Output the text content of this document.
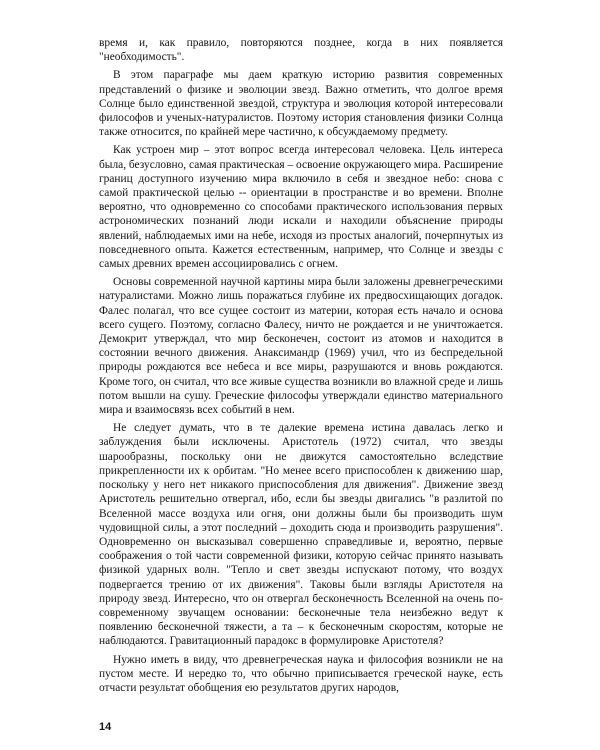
время и, как правило, повторяются позднее, когда в них появляется "необходимость".

В этом параграфе мы даем краткую историю развития современных представлений о физике и эволюции звезд. Важно отметить, что долгое время Солнце было единственной звездой, структура и эволюция которой интересовали философов и ученых-натуралистов. Поэтому история становления физики Солнца также относится, по крайней мере частично, к обсуждаемому предмету.

Как устроен мир – этот вопрос всегда интересовал человека. Цель интереса была, безусловно, самая практическая – освоение окружающего мира. Расширение границ доступного изучению мира включило в себя и звездное небо: снова с самой практической целью -- ориентации в пространстве и во времени. Вполне вероятно, что одновременно со способами практического использования первых астрономических познаний люди искали и находили объяснение природы явлений, наблюдаемых ими на небе, исходя из простых аналогий, почерпнутых из повседневного опыта. Кажется естественным, например, что Солнце и звезды с самых древних времен ассоциировались с огнем.

Основы современной научной картины мира были заложены древнегреческими натуралистами. Можно лишь поражаться глубине их предвосхищающих догадок. Фалес полагал, что все сущее состоит из материи, которая есть начало и основа всего сущего. Поэтому, согласно Фалесу, ничто не рождается и не уничтожается. Демокрит утверждал, что мир бесконечен, состоит из атомов и находится в состоянии вечного движения. Анаксимандр (1969) учил, что из беспредельной природы рождаются все небеса и все миры, разрушаются и вновь рождаются. Кроме того, он считал, что все живые существа возникли во влажной среде и лишь потом вышли на сушу. Греческие философы утверждали единство материального мира и взаимосвязь всех событий в нем.

Не следует думать, что в те далекие времена истина давалась легко и заблуждения были исключены. Аристотель (1972) считал, что звезды шарообразны, поскольку они не движутся самостоятельно вследствие прикрепленности их к орбитам. "Но менее всего приспособлен к движению шар, поскольку у него нет никакого приспособления для движения". Движение звезд Аристотель решительно отвергал, ибо, если бы звезды двигались "в разлитой по Вселенной массе воздуха или огня, они должны были бы производить шум чудовищной силы, а этот последний – доходить сюда и производить разрушения". Одновременно он высказывал совершенно справедливые и, вероятно, первые соображения о той части современной физики, которую сейчас принято называть физикой ударных волн. "Тепло и свет звезды испускают потому, что воздух подвергается трению от их движения". Таковы были взгляды Аристотеля на природу звезд. Интересно, что он отвергал бесконечность Вселенной на очень по-современному звучащем основании: бесконечные тела неизбежно ведут к появлению бесконечной тяжести, а та – к бесконечным скоростям, которые не наблюдаются. Гравитационный парадокс в формулировке Аристотеля?

Нужно иметь в виду, что древнегреческая наука и философия возникли не на пустом месте. И нередко то, что обычно приписывается греческой науке, есть отчасти результат обобщения ею результатов других народов,

14
